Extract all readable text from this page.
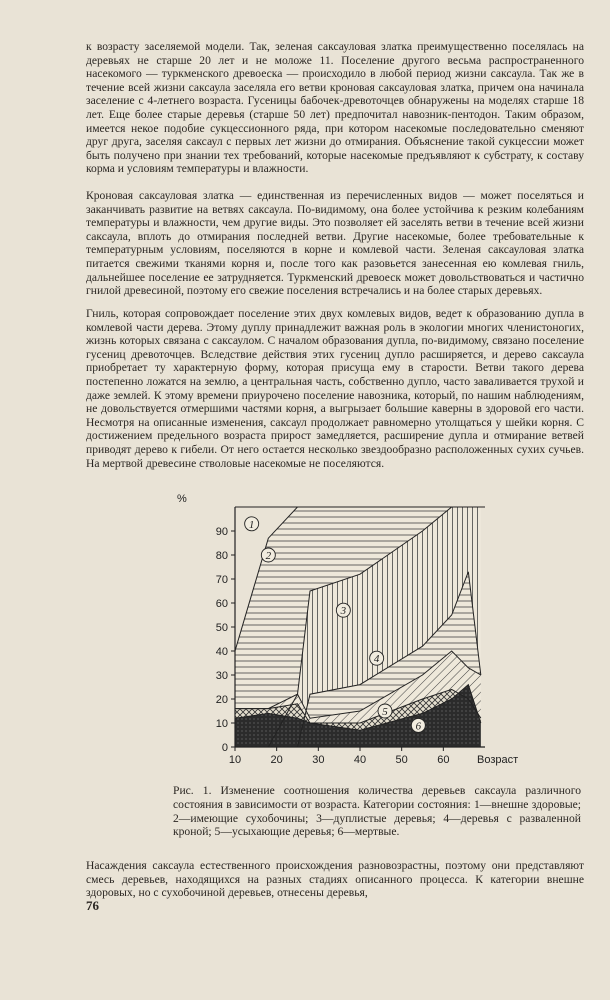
к возрасту заселяемой модели. Так, зеленая саксауловая златка преимущественно поселялась на деревьях не старше 20 лет и не моложе 11. Поселение другого весьма распространенного насекомого — туркменского древоеска — происходило в любой период жизни саксаула. Так же в течение всей жизни саксаула заселяла его ветви кроновая саксауловая златка, причем она начинала заселение с 4-летнего возраста. Гусеницы бабочек-древоточцев обнаружены на моделях старше 18 лет. Еще более старые деревья (старше 50 лет) предпочитал навозник-пентодон. Таким образом, имеется некое подобие сукцессионного ряда, при котором насекомые последовательно сменяют друг друга, заселяя саксаул с первых лет жизни до отмирания. Объяснение такой сукцессии может быть получено при знании тех требований, которые насекомые предъявляют к субстрату, к составу корма и условиям температуры и влажности.

Кроновая саксауловая златка — единственная из перечисленных видов — может поселяться и заканчивать развитие на ветвях саксаула. По-видимому, она более устойчива к резким колебаниям температуры и влажности, чем другие виды. Это позволяет ей заселять ветви в течение всей жизни саксаула, вплоть до отмирания последней ветви. Другие насекомые, более требовательные к температурным условиям, поселяются в корне и комлевой части. Зеленая саксауловая златка питается свежими тканями корня и, после того как разовьется занесенная ею комлевая гниль, дальнейшее поселение ее затрудняется. Туркменский древоеск может довольствоваться и частично гнилой древесиной, поэтому его свежие поселения встречались и на более старых деревьях.

Гниль, которая сопровождает поселение этих двух комлевых видов, ведет к образованию дупла в комлевой части дерева. Этому дуплу принадлежит важная роль в экологии многих членистоногих, жизнь которых связана с саксаулом. С началом образования дупла, по-видимому, связано поселение гусениц древоточцев. Вследствие действия этих гусениц дупло расширяется, и дерево саксаула приобретает ту характерную форму, которая присуща ему в старости. Ветви такого дерева постепенно ложатся на землю, а центральная часть, собственно дупло, часто заваливается трухой и даже землей. К этому времени приурочено поселение навозника, который, по нашим наблюдениям, не довольствуется отмершими частями корня, а выгрызает большие каверны в здоровой его части. Несмотря на описанные изменения, саксаул продолжает равномерно утолщаться у шейки корня. С достижением предельного возраста прирост замедляется, расширение дупла и отмирание ветвей приводят дерево к гибели. От него остается несколько звездообразно расположенных сухих сучьев. На мертвой древесине стволовые насекомые не поселяются.

0
10
20
30
40
50
60
70
80
90
10	20	30	40	50	60
%
Возраст
1
2
3
4
5
6

Рис. 1. Изменение соотношения количества деревьев саксаула различного состояния в зависимости от возраста. Категории состояния: 1—внешне здоровые; 2—имеющие сухобочины; 3—дуплистые деревья; 4—деревья с развaленной кроной; 5—усыхающие деревья; 6—мертвые.

Насаждения саксаула естественного происхождения разновозрастны, поэтому они представляют смесь деревьев, находящихся на разных стадиях описанного процесса. К категории внешне здоровых, но с сухобочиной деревьев, отнесены деревья,

76
